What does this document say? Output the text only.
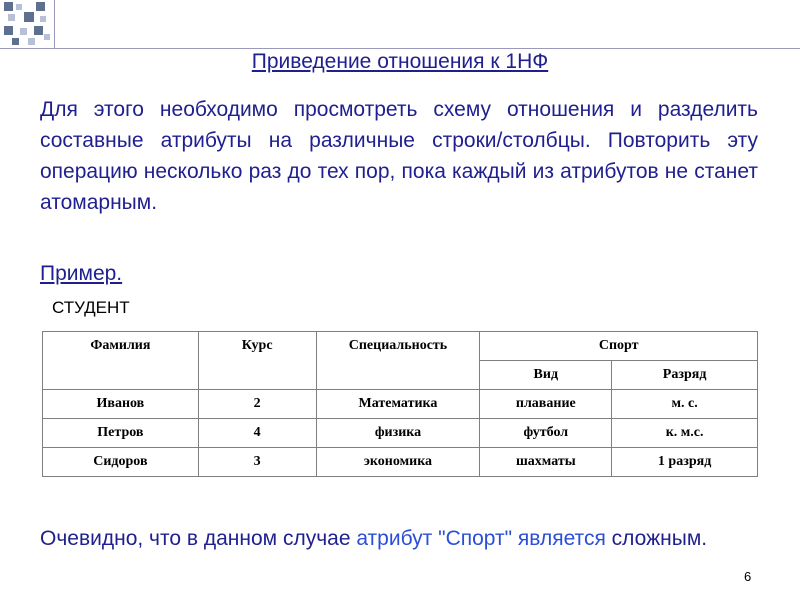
Приведение отношения к 1НФ

Для этого необходимо просмотреть схему отношения и разделить составные атрибуты на различные строки/столбцы. Повторить эту операцию несколько раз до тех пор, пока каждый из атрибутов не станет атомарным.

Пример.
СТУДЕНТ
Фамилия	Курс	Специальность	Спорт	
			Вид	Разряд
Иванов	2	Математика	плавание	м. с.
Петров	4	физика	футбол	к. м.с.
Сидоров	3	экономика	шахматы	1 разряд

Очевидно, что в данном случае атрибут "Спорт" является сложным.

6
